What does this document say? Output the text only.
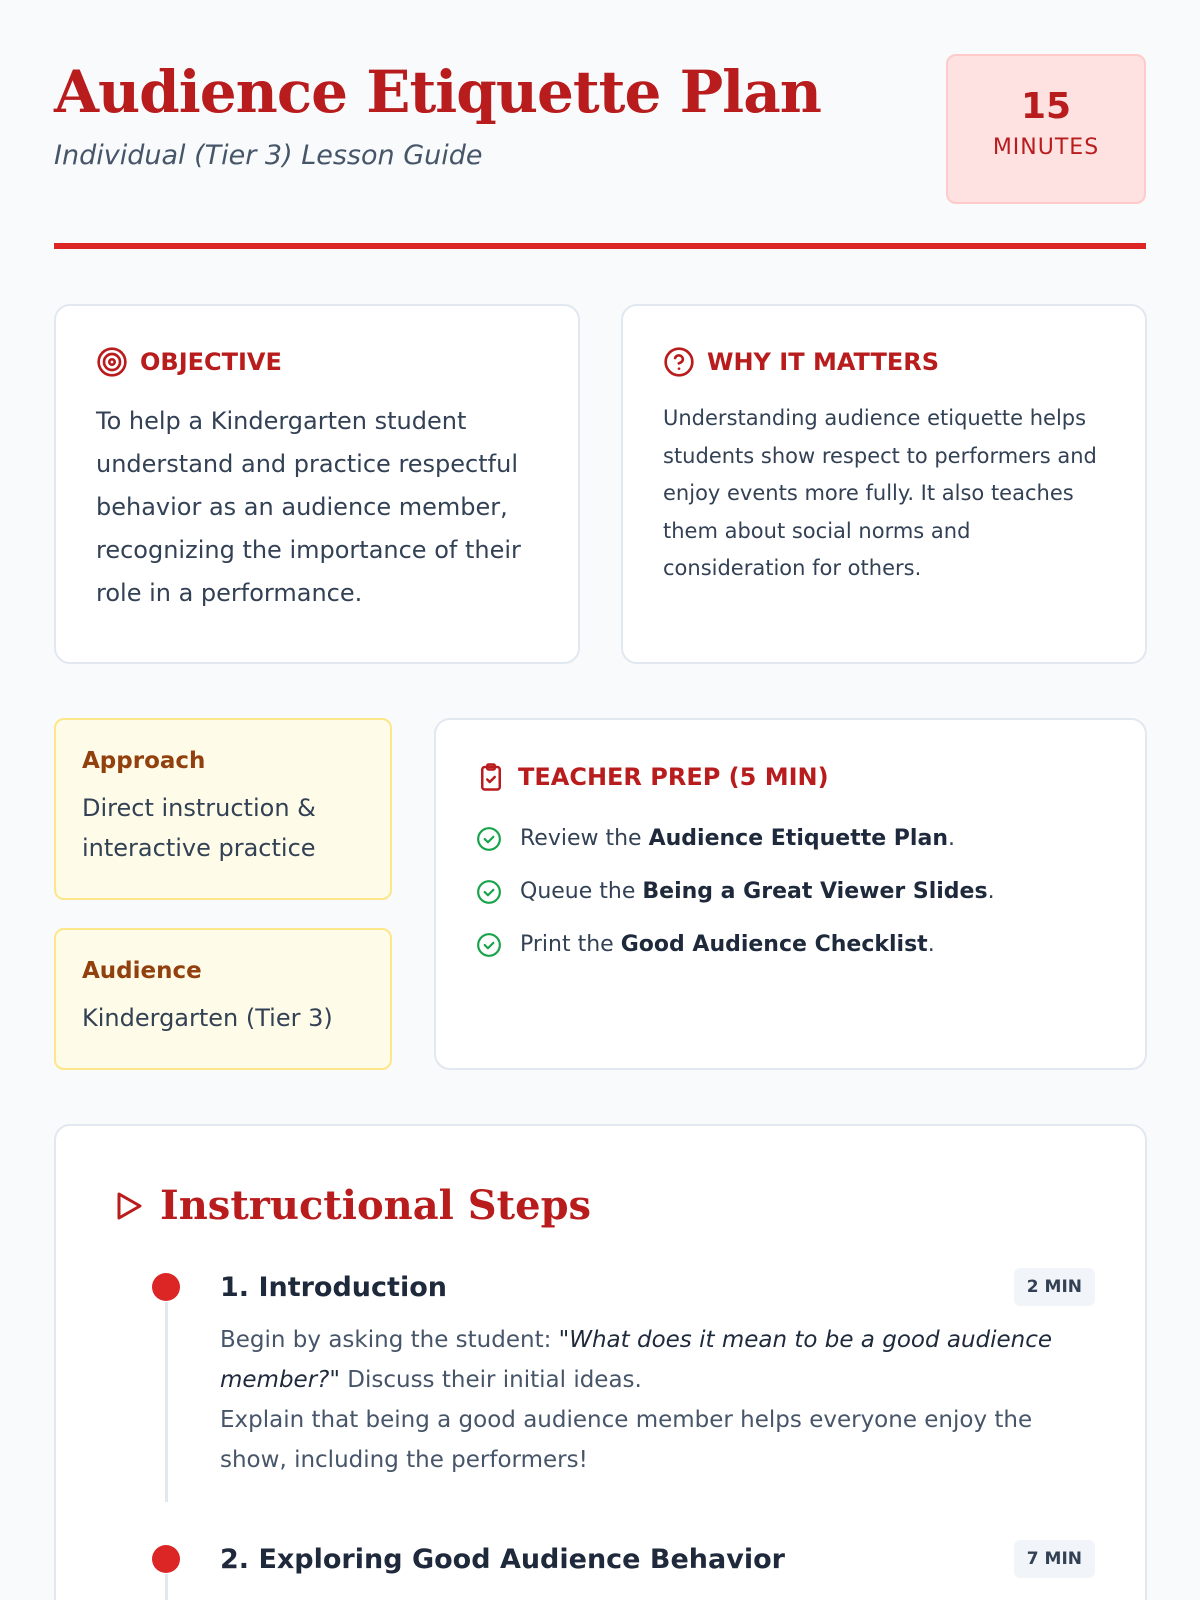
Audience Etiquette Plan
Individual (Tier 3) Lesson Guide
15
MINUTES
OBJECTIVE

To help a Kindergarten student understand and practice respectful behavior as an audience member, recognizing the importance of their role in a performance.

WHY IT MATTERS

Understanding audience etiquette helps students show respect to performers and enjoy events more fully. It also teaches them about social norms and consideration for others.

Approach
Direct instruction & interactive practice
Audience
Kindergarten (Tier 3)
TEACHER PREP (5 MIN)
Review the Audience Etiquette Plan.
Queue the Being a Great Viewer Slides.
Print the Good Audience Checklist.
Instructional Steps
1. Introduction	2 MIN
Begin by asking the student: "What does it mean to be a good audience member?" Discuss their initial ideas.
Explain that being a good audience member helps everyone enjoy the show, including the performers!
2. Exploring Good Audience Behavior	7 MIN
